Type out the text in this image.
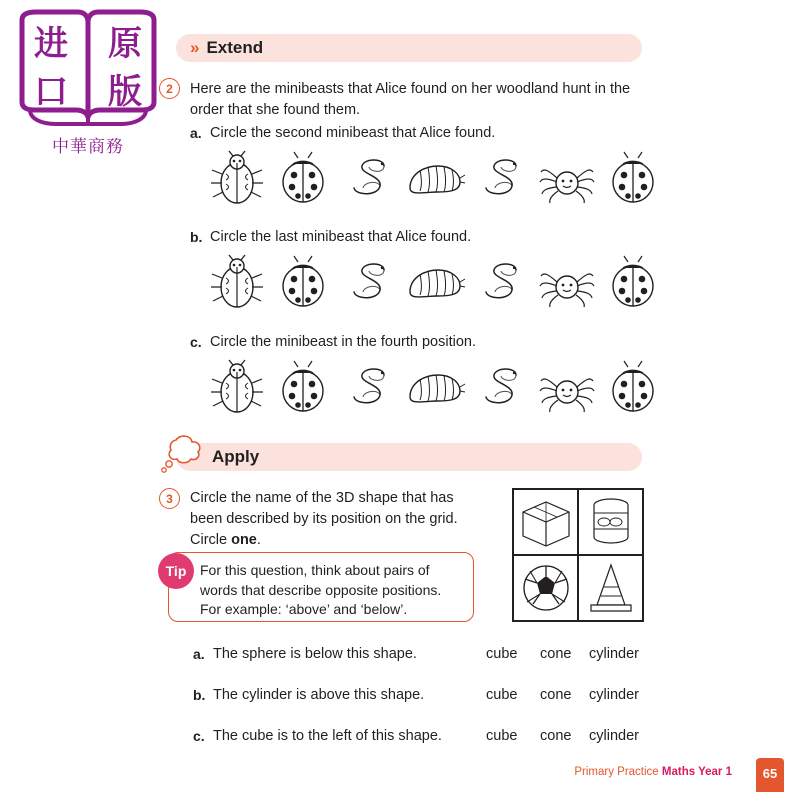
进
口
原
版
中華商務
» Extend
2	Here are the minibeasts that Alice found on her woodland hunt in the order that she found them.
a. Circle the second minibeast that Alice found.
b. Circle the last minibeast that Alice found.
c. Circle the minibeast in the fourth position.
Apply
3	Circle the name of the 3D shape that has
been described by its position on the grid.
Circle one.
Tip For this question, think about pairs of
words that describe opposite positions.
For example: ‘above’ and ‘below’.
a. The sphere is below this shape.	cube cone cylinder
b. The cylinder is above this shape.	cube cone cylinder
c. The cube is to the left of this shape.	cube cone cylinder
Primary Practice Maths Year 1	65
